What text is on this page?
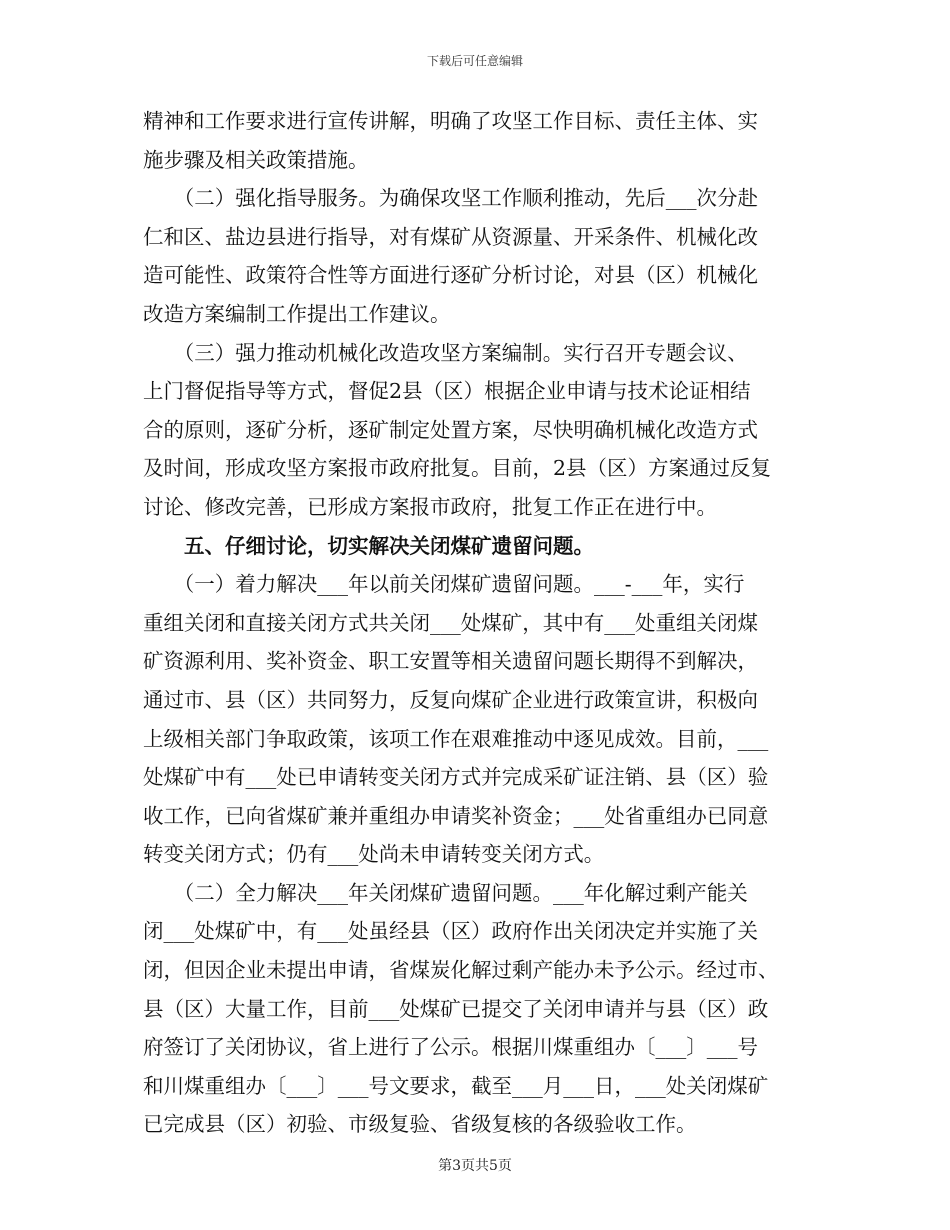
下载后可任意编辑
精神和工作要求进行宣传讲解，明确了攻坚工作目标、责任主体、实
施步骤及相关政策措施。
　　（二）强化指导服务。为确保攻坚工作顺利推动，先后___次分赴
仁和区、盐边县进行指导，对有煤矿从资源量、开采条件、机械化改
造可能性、政策符合性等方面进行逐矿分析讨论，对县（区）机械化
改造方案编制工作提出工作建议。
　　（三）强力推动机械化改造攻坚方案编制。实行召开专题会议、
上门督促指导等方式，督促2县（区）根据企业申请与技术论证相结
合的原则，逐矿分析，逐矿制定处置方案，尽快明确机械化改造方式
及时间，形成攻坚方案报市政府批复。目前，2县（区）方案通过反复
讨论、修改完善，已形成方案报市政府，批复工作正在进行中。
　　五、仔细讨论，切实解决关闭煤矿遗留问题。
　　（一）着力解决___年以前关闭煤矿遗留问题。___-___年，实行
重组关闭和直接关闭方式共关闭___处煤矿，其中有___处重组关闭煤
矿资源利用、奖补资金、职工安置等相关遗留问题长期得不到解决，
通过市、县（区）共同努力，反复向煤矿企业进行政策宣讲，积极向
上级相关部门争取政策，该项工作在艰难推动中逐见成效。目前，___
处煤矿中有___处已申请转变关闭方式并完成采矿证注销、县（区）验
收工作，已向省煤矿兼并重组办申请奖补资金；___处省重组办已同意
转变关闭方式；仍有___处尚未申请转变关闭方式。
　　（二）全力解决___年关闭煤矿遗留问题。___年化解过剩产能关
闭___处煤矿中，有___处虽经县（区）政府作出关闭决定并实施了关
闭，但因企业未提出申请，省煤炭化解过剩产能办未予公示。经过市、
县（区）大量工作，目前___处煤矿已提交了关闭申请并与县（区）政
府签订了关闭协议，省上进行了公示。根据川煤重组办〔___〕___号
和川煤重组办〔___〕___号文要求，截至___月___日，___处关闭煤矿
已完成县（区）初验、市级复验、省级复核的各级验收工作。
第3页共5页
